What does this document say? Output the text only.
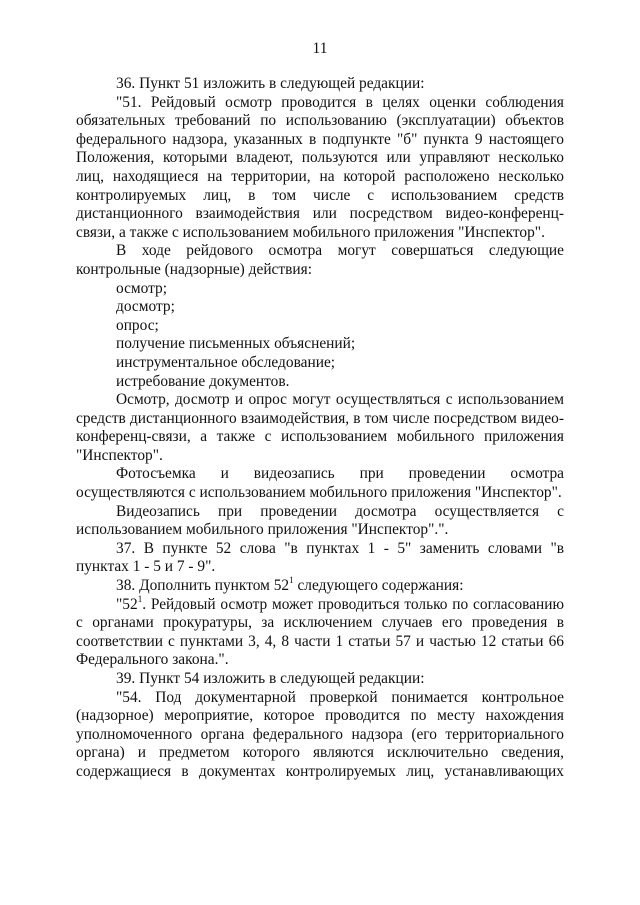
11

36. Пункт 51 изложить в следующей редакции:

"51. Рейдовый осмотр проводится в целях оценки соблюдения обязательных требований по использованию (эксплуатации) объектов федерального надзора, указанных в подпункте "б" пункта 9 настоящего Положения, которыми владеют, пользуются или управляют несколько лиц, находящиеся на территории, на которой расположено несколько контролируемых лиц, в том числе с использованием средств дистанционного взаимодействия или посредством видео-конференц-связи, а также с использованием мобильного приложения "Инспектор".

В ходе рейдового осмотра могут совершаться следующие контрольные (надзорные) действия:

осмотр;

досмотр;

опрос;

получение письменных объяснений;

инструментальное обследование;

истребование документов.

Осмотр, досмотр и опрос могут осуществляться с использованием средств дистанционного взаимодействия, в том числе посредством видео-конференц-связи, а также с использованием мобильного приложения "Инспектор".

Фотосъемка и видеозапись при проведении осмотра осуществляются с использованием мобильного приложения "Инспектор".

Видеозапись при проведении досмотра осуществляется с использованием мобильного приложения "Инспектор".".

37. В пункте 52 слова "в пунктах 1 - 5" заменить словами "в пунктах 1 - 5 и 7 - 9".

38. Дополнить пунктом $52^1$ следующего содержания:

"$52^1$. Рейдовый осмотр может проводиться только по согласованию с органами прокуратуры, за исключением случаев его проведения в соответствии с пунктами 3, 4, 8 части 1 статьи 57 и частью 12 статьи 66 Федерального закона.".

39. Пункт 54 изложить в следующей редакции:

"54. Под документарной проверкой понимается контрольное (надзорное) мероприятие, которое проводится по месту нахождения уполномоченного органа федерального надзора (его территориального органа) и предметом которого являются исключительно сведения, содержащиеся в документах контролируемых лиц, устанавливающих
